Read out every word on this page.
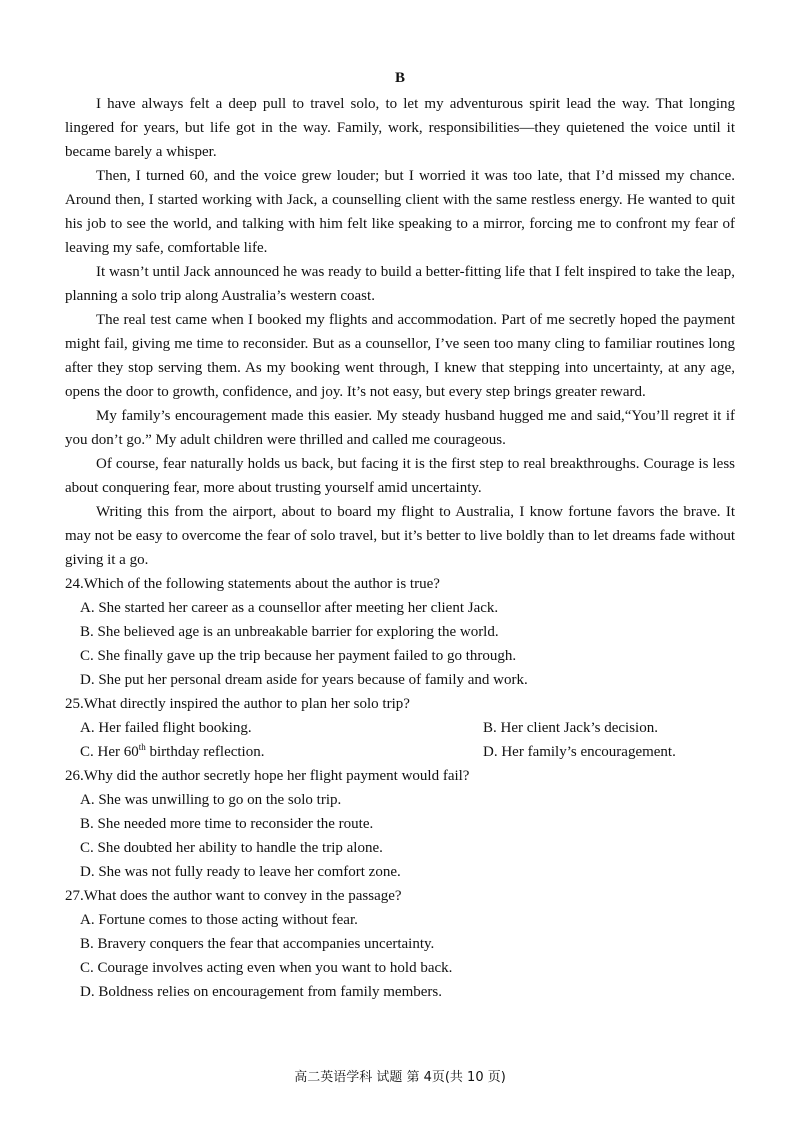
B

I have always felt a deep pull to travel solo, to let my adventurous spirit lead the way. That longing lingered for years, but life got in the way. Family, work, responsibilities—they quietened the voice until it became barely a whisper.

Then, I turned 60, and the voice grew louder; but I worried it was too late, that I’d missed my chance. Around then, I started working with Jack, a counselling client with the same restless energy. He wanted to quit his job to see the world, and talking with him felt like speaking to a mirror, forcing me to confront my fear of leaving my safe, comfortable life.

It wasn’t until Jack announced he was ready to build a better-fitting life that I felt inspired to take the leap, planning a solo trip along Australia’s western coast.

The real test came when I booked my flights and accommodation. Part of me secretly hoped the payment might fail, giving me time to reconsider. But as a counsellor, I’ve seen too many cling to familiar routines long after they stop serving them. As my booking went through, I knew that stepping into uncertainty, at any age, opens the door to growth, confidence, and joy. It’s not easy, but every step brings greater reward.

My family’s encouragement made this easier. My steady husband hugged me and said,“You’ll regret it if you don’t go.” My adult children were thrilled and called me courageous.

Of course, fear naturally holds us back, but facing it is the first step to real breakthroughs. Courage is less about conquering fear, more about trusting yourself amid uncertainty.

Writing this from the airport, about to board my flight to Australia, I know fortune favors the brave. It may not be easy to overcome the fear of solo travel, but it’s better to live boldly than to let dreams fade without giving it a go.

24.Which of the following statements about the author is true?

A. She started her career as a counsellor after meeting her client Jack.

B. She believed age is an unbreakable barrier for exploring the world.

C. She finally gave up the trip because her payment failed to go through.

D. She put her personal dream aside for years because of family and work.

25.What directly inspired the author to plan her solo trip?

A. Her failed flight booking.	B. Her client Jack’s decision.

C. Her 60th birthday reflection.	D. Her family’s encouragement.

26.Why did the author secretly hope her flight payment would fail?

A. She was unwilling to go on the solo trip.

B. She needed more time to reconsider the route.

C. She doubted her ability to handle the trip alone.

D. She was not fully ready to leave her comfort zone.

27.What does the author want to convey in the passage?

A. Fortune comes to those acting without fear.

B. Bravery conquers the fear that accompanies uncertainty.

C. Courage involves acting even when you want to hold back.

D. Boldness relies on encouragement from family members.

高二英语学科 试题 第 4页(共 10 页)
